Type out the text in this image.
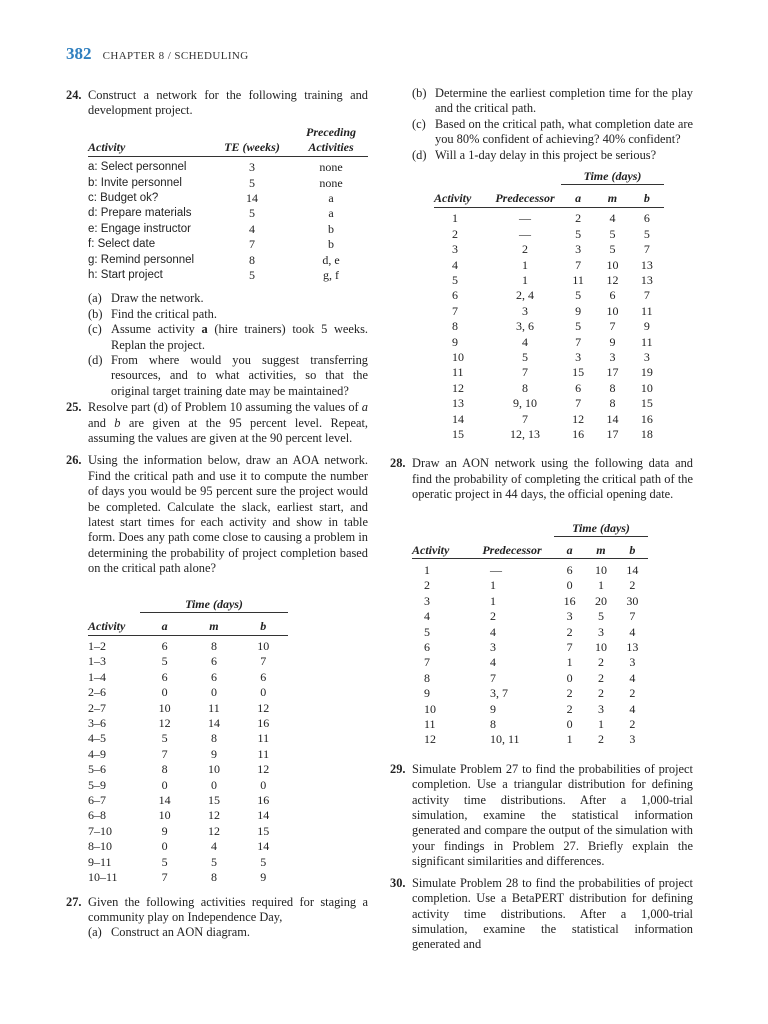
382 CHAPTER 8 / SCHEDULING
24. Construct a network for the following training and development project.
		Preceding
Activity	TE (weeks)	Activities

a: Select personnel	3	none
b: Invite personnel	5	none
c: Budget ok?	14	a
d: Prepare materials	5	a
e: Engage instructor	4	b
f: Select date	7	b
g: Remind personnel	8	d, e
h: Start project	5	g, f
(a) Draw the network.
(b) Find the critical path.
(c) Assume activity a (hire trainers) took 5 weeks. Replan the project.
(d) From where would you suggest transferring resources, and to what activities, so that the original target training date may be maintained?
25. Resolve part (d) of Problem 10 assuming the values of a and b are given at the 95 percent level. Repeat, assuming the values are given at the 90 percent level.
26. Using the information below, draw an AOA network. Find the critical path and use it to compute the number of days you would be 95 percent sure the project would be completed. Calculate the slack, earliest start, and latest start times for each activity and show in table form. Does any path come close to causing a problem in determining the probability of project completion based on the critical path alone?
	Time (days)		
Activity	a	m	b

1–2	6	8	10
1–3	5	6	7
1–4	6	6	6
2–6	0	0	0
2–7	10	11	12
3–6	12	14	16
4–5	5	8	11
4–9	7	9	11
5–6	8	10	12
5–9	0	0	0
6–7	14	15	16
6–8	10	12	14
7–10	9	12	15
8–10	0	4	14
9–11	5	5	5
10–11	7	8	9
27. Given the following activities required for staging a community play on Independence Day,
(a) Construct an AON diagram.
(b) Determine the earliest completion time for the play and the critical path.
(c) Based on the critical path, what completion date are you 80% confident of achieving? 40% confident?
(d) Will a 1-day delay in this project be serious?
		Time (days)		
Activity	Predecessor	a	m	b

1	—	2	4	6
2	—	5	5	5
3	2	3	5	7
4	1	7	10	13
5	1	11	12	13
6	2, 4	5	6	7
7	3	9	10	11
8	3, 6	5	7	9
9	4	7	9	11
10	5	3	3	3
11	7	15	17	19
12	8	6	8	10
13	9, 10	7	8	15
14	7	12	14	16
15	12, 13	16	17	18
28. Draw an AON network using the following data and find the probability of completing the critical path of the operatic project in 44 days, the official opening date.
		Time (days)		
Activity	Predecessor	a	m	b

1	—	6	10	14
2	1	0	1	2
3	1	16	20	30
4	2	3	5	7
5	4	2	3	4
6	3	7	10	13
7	4	1	2	3
8	7	0	2	4
9	3, 7	2	2	2
10	9	2	3	4
11	8	0	1	2
12	10, 11	1	2	3
29. Simulate Problem 27 to find the probabilities of project completion. Use a triangular distribution for defining activity time distributions. After a 1,000-trial simulation, examine the statistical information generated and compare the output of the simulation with your findings in Problem 27. Briefly explain the significant similarities and differences.
30. Simulate Problem 28 to find the probabilities of project completion. Use a BetaPERT distribution for defining activity time distributions. After a 1,000-trial simulation, examine the statistical information generated and
